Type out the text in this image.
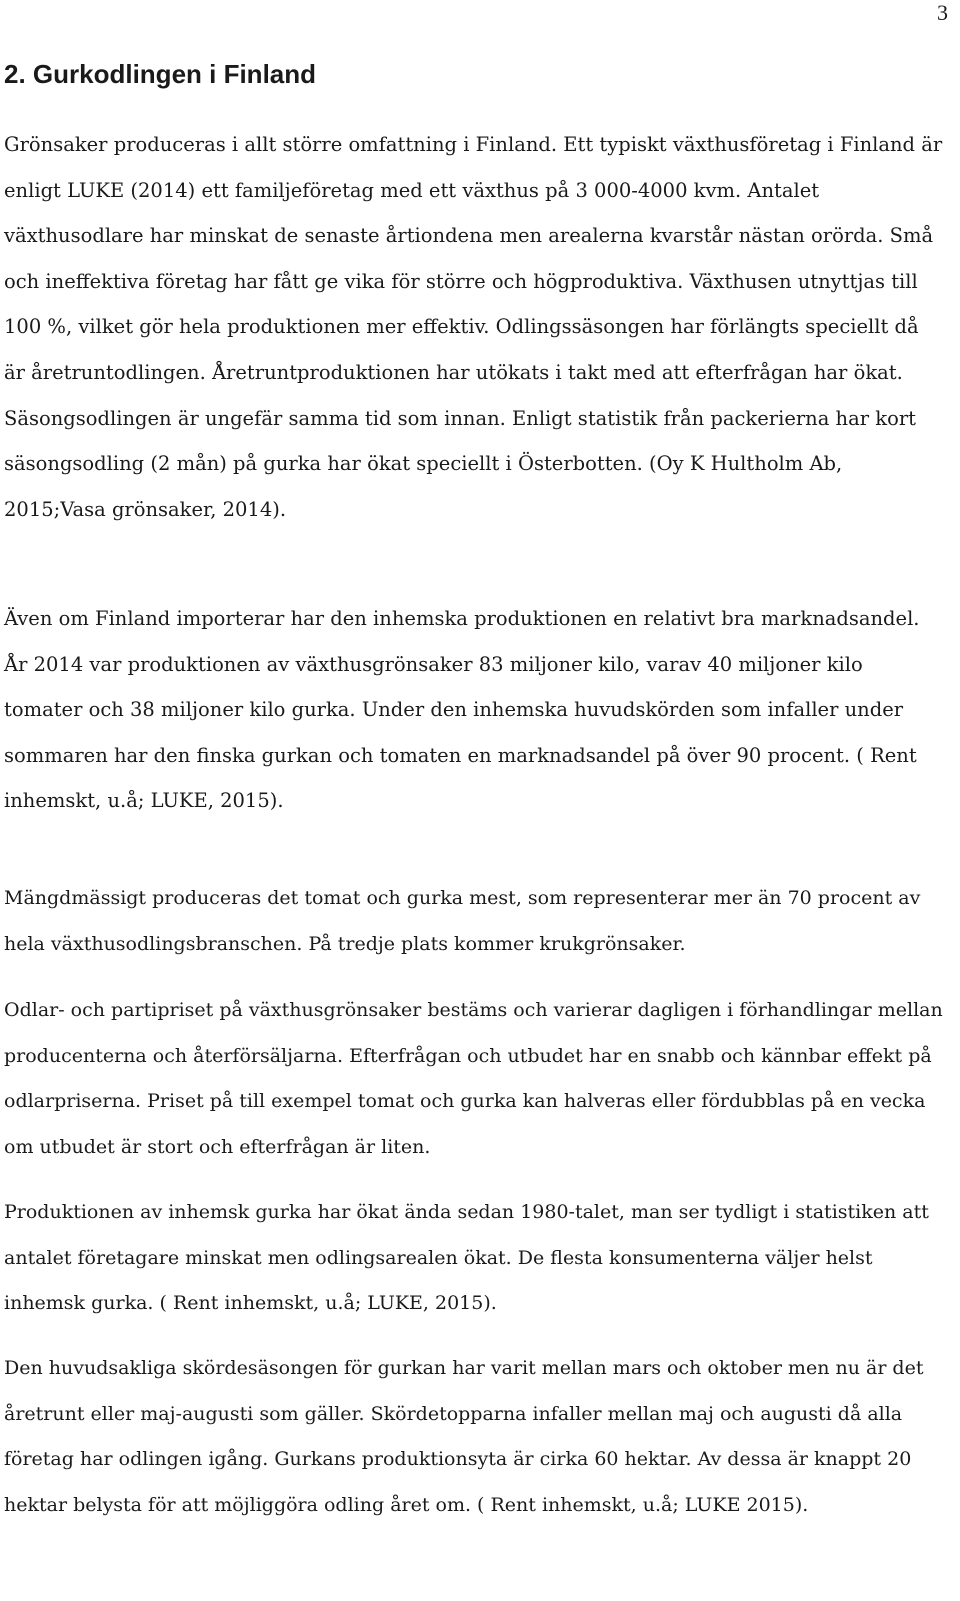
3
2. Gurkodlingen i Finland

Grönsaker produceras i allt större omfattning i Finland. Ett typiskt växthusföretag i Finland är enligt LUKE (2014) ett familjeföretag med ett växthus på 3 000-4000 kvm. Antalet växthusodlare har minskat de senaste årtiondena men arealerna kvarstår nästan orörda. Små och ineffektiva företag har fått ge vika för större och högproduktiva. Växthusen utnyttjas till 100 %, vilket gör hela produktionen mer effektiv. Odlingssäsongen har förlängts speciellt då är åretruntodlingen. Åretruntproduktionen har utökats i takt med att efterfrågan har ökat. Säsongsodlingen är ungefär samma tid som innan. Enligt statistik från packerierna har kort säsongsodling (2 mån) på gurka har ökat speciellt i Österbotten. (Oy K Hultholm Ab, 2015;Vasa grönsaker, 2014).

Även om Finland importerar har den inhemska produktionen en relativt bra marknadsandel. År 2014 var produktionen av växthusgrönsaker 83 miljoner kilo, varav 40 miljoner kilo tomater och 38 miljoner kilo gurka. Under den inhemska huvudskörden som infaller under sommaren har den finska gurkan och tomaten en marknadsandel på över 90 procent. ( Rent inhemskt, u.å; LUKE, 2015).

Mängdmässigt produceras det tomat och gurka mest, som representerar mer än 70 procent av hela växthusodlingsbranschen. På tredje plats kommer krukgrönsaker.

Odlar- och partipriset på växthusgrönsaker bestäms och varierar dagligen i förhandlingar mellan producenterna och återförsäljarna. Efterfrågan och utbudet har en snabb och kännbar effekt på odlarpriserna. Priset på till exempel tomat och gurka kan halveras eller fördubblas på en vecka om utbudet är stort och efterfrågan är liten.

Produktionen av inhemsk gurka har ökat ända sedan 1980-talet, man ser tydligt i statistiken att antalet företagare minskat men odlingsarealen ökat. De flesta konsumenterna väljer helst inhemsk gurka. ( Rent inhemskt, u.å; LUKE, 2015).

Den huvudsakliga skördesäsongen för gurkan har varit mellan mars och oktober men nu är det åretrunt eller maj-augusti som gäller. Skördetopparna infaller mellan maj och augusti då alla företag har odlingen igång. Gurkans produktionsyta är cirka 60 hektar. Av dessa är knappt 20 hektar belysta för att möjliggöra odling året om. ( Rent inhemskt, u.å; LUKE 2015).
